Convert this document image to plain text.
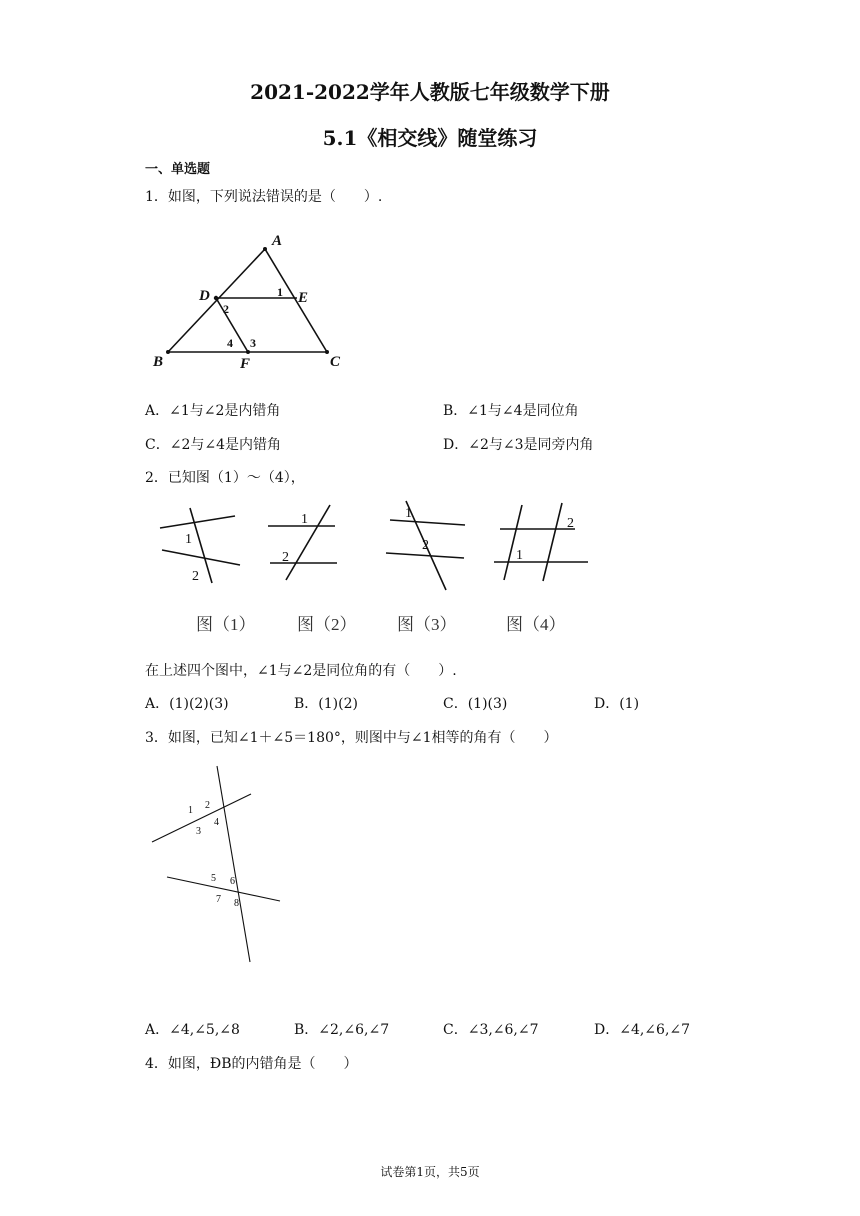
2021-2022学年人教版七年级数学下册
5.1《相交线》随堂练习
一、单选题
1．如图，下列说法错误的是（　　）.
A
D	E
B	F	C
1
2
3
4
A．∠1与∠2是内错角	B．∠1与∠4是同位角
C．∠2与∠4是内错角	D．∠2与∠3是同旁内角
2．已知图（1）～（4），
1
2
1
2
1
2
1
2
图（1） 图（2） 图（3）	图（4）
在上述四个图中，∠1与∠2是同位角的有（　　）.
A．(1)(2)(3)	B．(1)(2)	C．(1)(3)	D．(1)
3．如图，已知∠1＋∠5＝180°，则图中与∠1相等的角有（　　）
1 2
3
4
5 6
7 8
A．∠4,∠5,∠8	B．∠2,∠6,∠7	C．∠3,∠6,∠7	D．∠4,∠6,∠7
4．如图，ÐB的内错角是（　　）
试卷第1页，共5页
